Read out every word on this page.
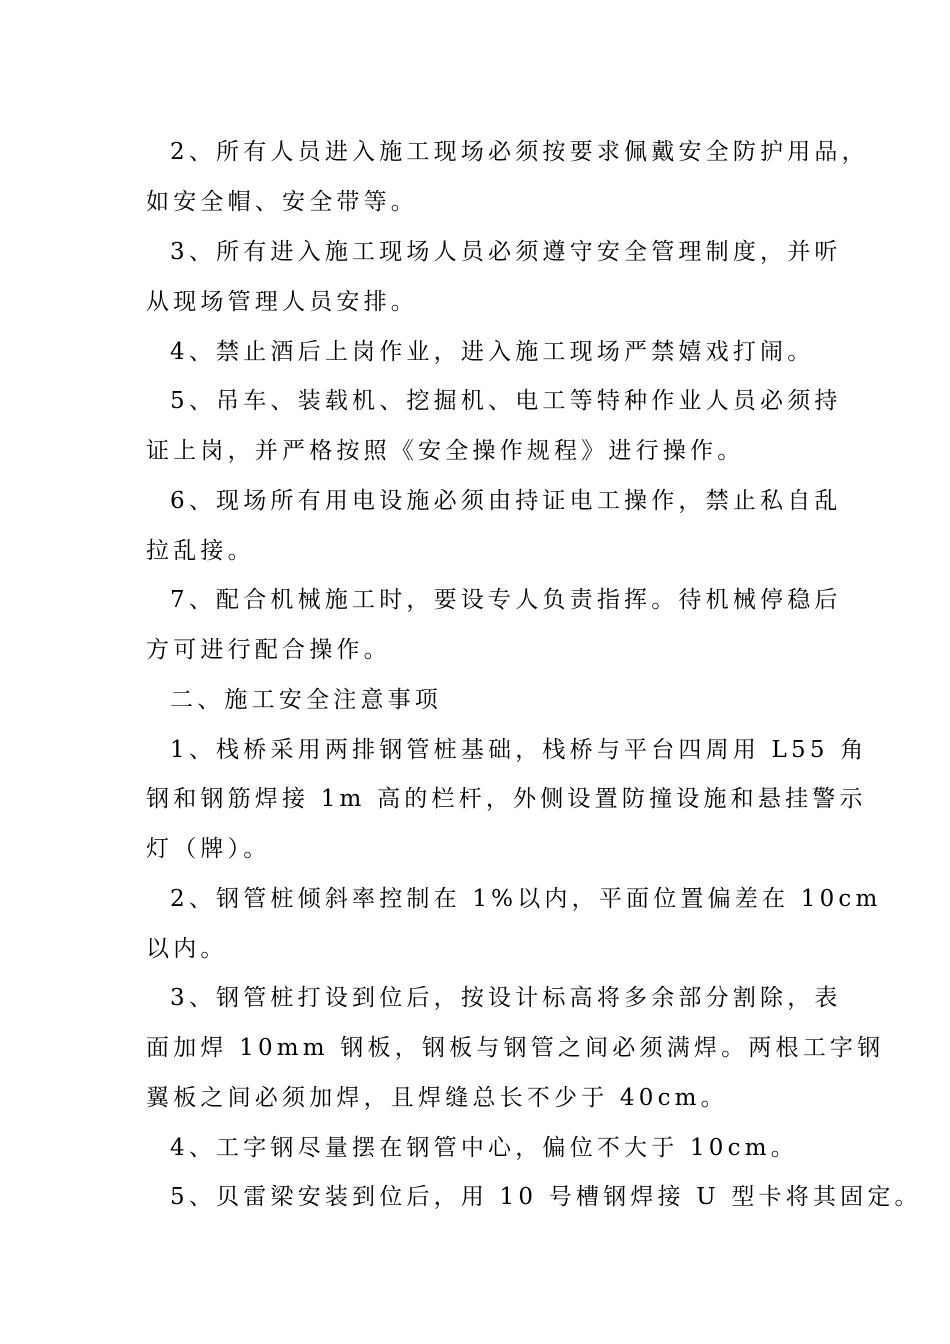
2、所有人员进入施工现场必须按要求佩戴安全防护用品，
如安全帽、安全带等。
3、所有进入施工现场人员必须遵守安全管理制度，并听
从现场管理人员安排。
4、禁止酒后上岗作业，进入施工现场严禁嬉戏打闹。
5、吊车、装载机、挖掘机、电工等特种作业人员必须持
证上岗，并严格按照《安全操作规程》进行操作。
6、现场所有用电设施必须由持证电工操作，禁止私自乱
拉乱接。
7、配合机械施工时，要设专人负责指挥。待机械停稳后
方可进行配合操作。
二、施工安全注意事项
1、栈桥采用两排钢管桩基础，栈桥与平台四周用 L55 角
钢和钢筋焊接 1m 高的栏杆，外侧设置防撞设施和悬挂警示
灯（牌）。
2、钢管桩倾斜率控制在 1%以内，平面位置偏差在 10cm
以内。
3、钢管桩打设到位后，按设计标高将多余部分割除，表
面加焊 10mm 钢板，钢板与钢管之间必须满焊。两根工字钢
翼板之间必须加焊，且焊缝总长不少于 40cm。
4、工字钢尽量摆在钢管中心，偏位不大于 10cm。
5、贝雷梁安装到位后，用 10 号槽钢焊接 U 型卡将其固定。
